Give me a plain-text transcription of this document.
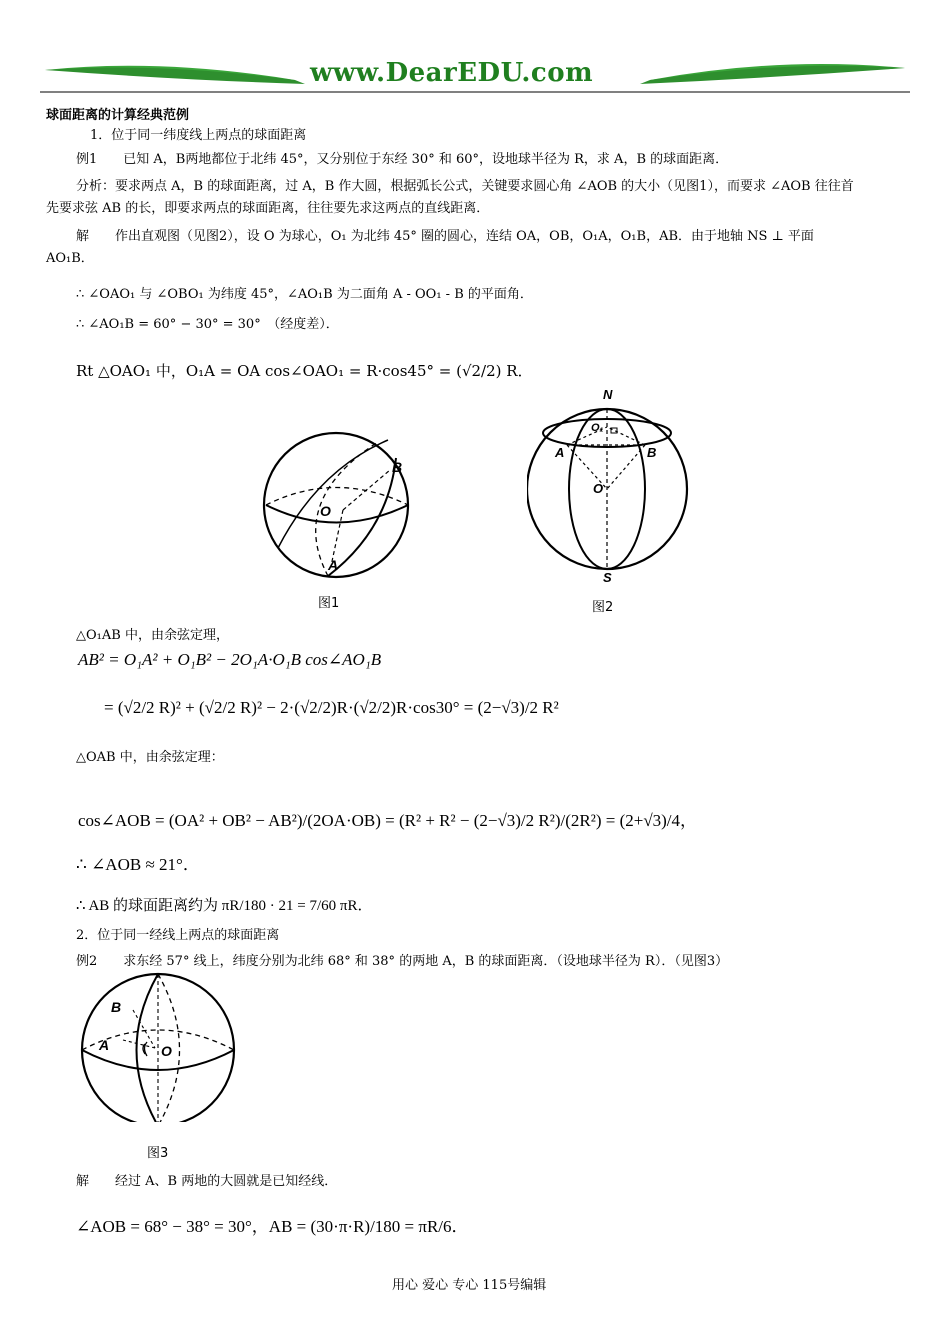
www.DearEDU.com
球面距离的计算经典范例
1．位于同一纬度线上两点的球面距离
例1　　已知 A，B两地都位于北纬 45°，又分别位于东经 30° 和 60°，设地球半径为 R，求 A，B 的球面距离．
分析：要求两点 A，B 的球面距离，过 A，B 作大圆，根据弧长公式，关键要求圆心角 ∠AOB 的大小（见图1），而要求 ∠AOB 往往首
先要求弦 AB 的长，即要求两点的球面距离，往往要先求这两点的直线距离．
解　　作出直观图（见图2），设 O 为球心，O₁ 为北纬 45° 圈的圆心，连结 OA，OB，O₁A，O₁B，AB．由于地轴 NS ⊥ 平面
AO₁B．
∴ ∠OAO₁ 与 ∠OBO₁ 为纬度 45°，∠AO₁B 为二面角 A - OO₁ - B 的平面角．
∴ ∠AO₁B = 60° − 30° = 30°　（经度差）．
Rt △OAO₁ 中，O₁A = OA cos∠OAO₁ = R·cos45° = (√2/2) R．
B
O
A
图1
N
O₁
A	B
O
S
图2
△O₁AB 中，由余弦定理，
AB² = O₁A² + O₁B² − 2O₁A·O₁B cos∠AO₁B
= (√2/2 R)² + (√2/2 R)² − 2·(√2/2)R·(√2/2)R·cos30° = (2−√3)/2 R²
△OAB 中，由余弦定理：
cos∠AOB = (OA² + OB² − AB²)/(2OA·OB) = (R² + R² − (2−√3)/2 R²)/(2R²) = (2+√3)/4，
∴ ∠AOB ≈ 21°．
∴ AB 的球面距离约为 πR/180 · 21 = 7/60 πR．
2．位于同一经线上两点的球面距离
例2　　求东经 57° 线上，纬度分别为北纬 68° 和 38° 的两地 A，B 的球面距离．（设地球半径为 R）．（见图3）
B
A	O
图3
解　　经过 A、B 两地的大圆就是已知经线．
∠AOB = 68° − 38° = 30°，AB = (30·π·R)/180 = πR/6．
用心 爱心 专心 115号编辑
